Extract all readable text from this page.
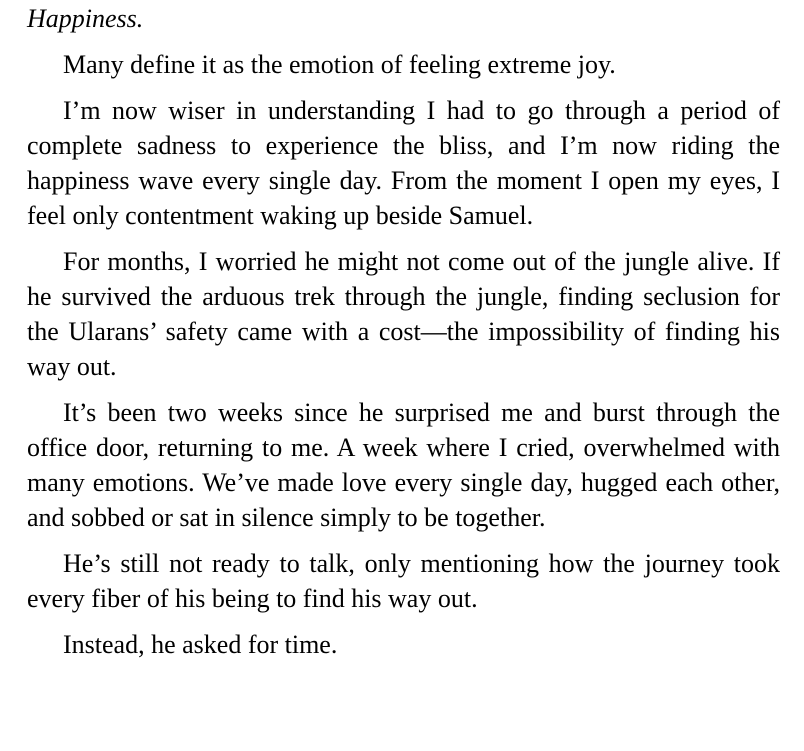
Happiness.

Many define it as the emotion of feeling extreme joy.

I’m now wiser in understanding I had to go through a period of complete sadness to experience the bliss, and I’m now riding the happiness wave every single day. From the moment I open my eyes, I feel only contentment waking up beside Samuel.

For months, I worried he might not come out of the jungle alive. If he survived the arduous trek through the jungle, finding seclusion for the Ularans’ safety came with a cost—the impossibility of finding his way out.

It’s been two weeks since he surprised me and burst through the office door, returning to me. A week where I cried, overwhelmed with many emotions. We’ve made love every single day, hugged each other, and sobbed or sat in silence simply to be together.

He’s still not ready to talk, only mentioning how the journey took every fiber of his being to find his way out.

Instead, he asked for time.
